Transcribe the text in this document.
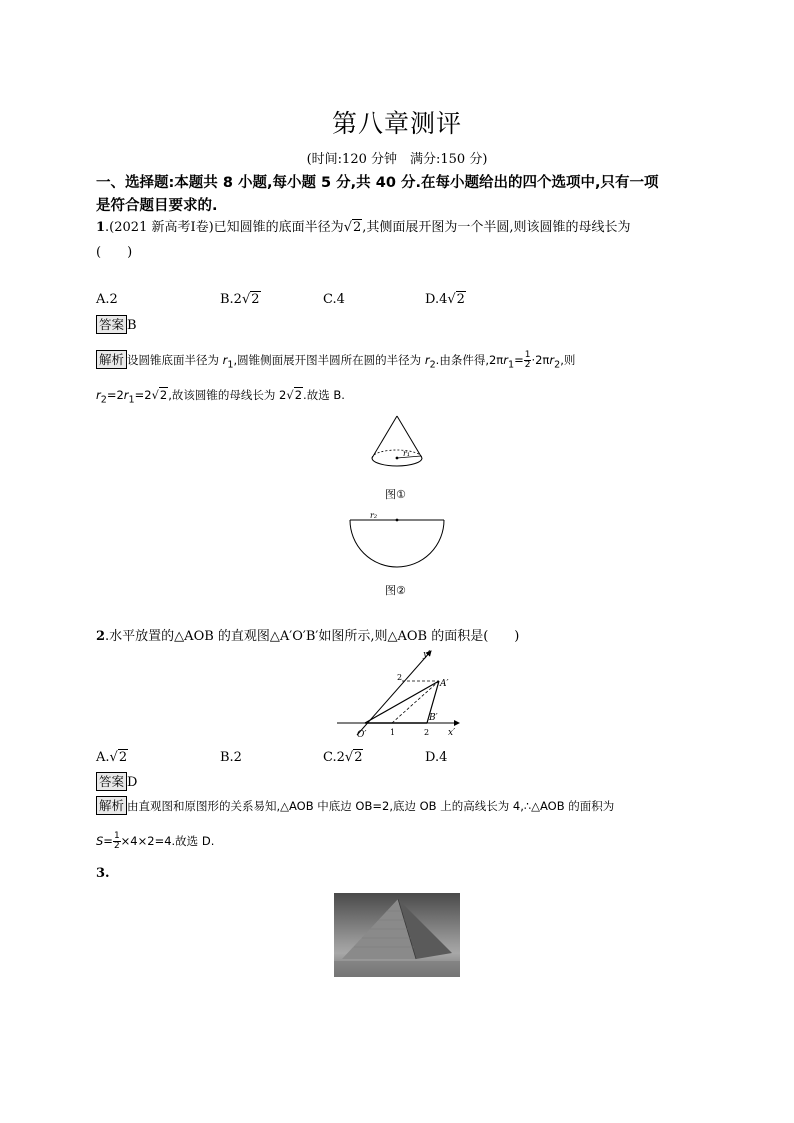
第八章测评
(时间:120 分钟　满分:150 分)
一、选择题:本题共 8 小题,每小题 5 分,共 40 分.在每小题给出的四个选项中,只有一项
是符合题目要求的.
1.(2021 新高考Ⅰ卷)已知圆锥的底面半径为√2,其侧面展开图为一个半圆,则该圆锥的母线长为
(　　)
A.2	B.2√2	C.4	D.4√2
答案 B
解析 设圆锥底面半径为 $r_1$,圆锥侧面展开图半圆所在圆的半径为 $r_2$.由条件得$,2\pi r_1= \frac{1}{2} \cdot 2\pi r_2$,则
$r_2=2r_1=2√2$,故该圆锥的母线长为 2√2.故选 B.
r₁
图①
r₂
图②
2.水平放置的△AOB 的直观图△A′O′B′如图所示,则△AOB 的面积是(　　)
y′
x′
O′
A′
B′
1	2
2
A.√2	B.2	C.2√2	D.4
答案 D
解析 由直观图和原图形的关系易知,△AOB 中底边 OB=2,底边 OB 上的高线长为 4,∴△AOB 的面积为
$S= \frac{1}{2} \times 4\times 2=4$.故选 D.
3.
